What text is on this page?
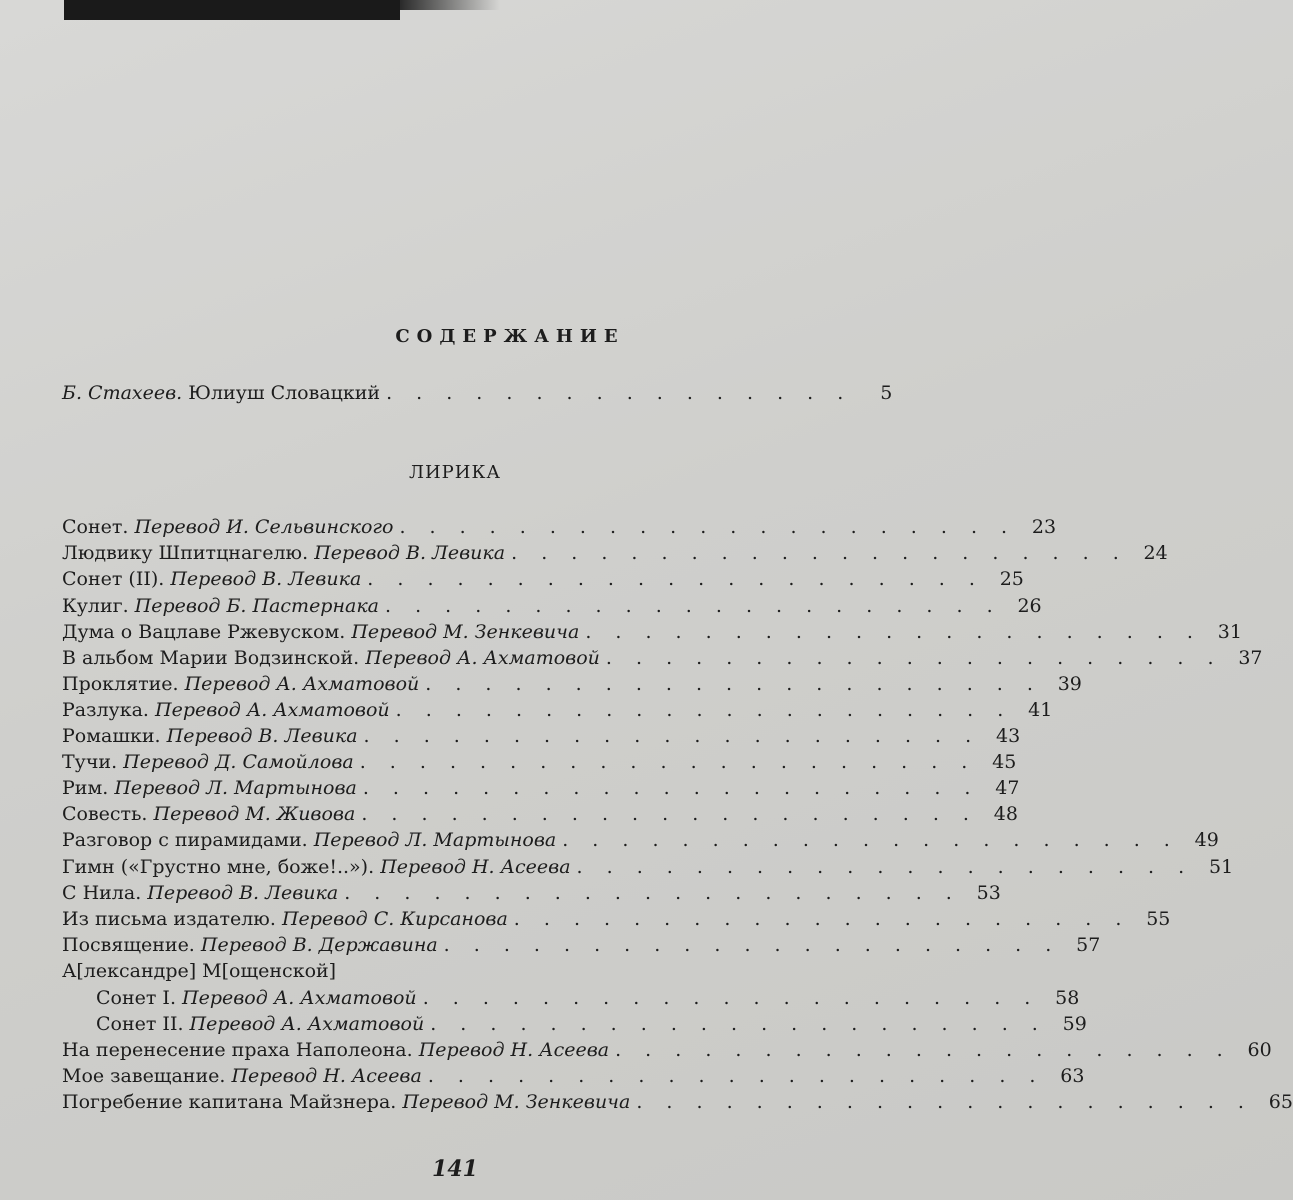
СОДЕРЖАНИЕ
Б. Стахеев. Юлиуш Словацкий . . . . . . . . . . . . . . . .	5
ЛИРИКА
Сонет. Перевод И. Сельвинского . . . . . . . . . . . . . . . . . . . . . 23
Людвику Шпитцнагелю. Перевод В. Левика . . . . . . . . . . . . . . . . . . . . . 24
Сонет (II). Перевод В. Левика . . . . . . . . . . . . . . . . . . . . . 25
Кулиг. Перевод Б. Пастернака . . . . . . . . . . . . . . . . . . . . . 26
Дума о Вацлаве Ржевуском. Перевод М. Зенкевича . . . . . . . . . . . . . . . . . . . . . 31
В альбом Марии Водзинской. Перевод А. Ахматовой . . . . . . . . . . . . . . . . . . . . . 37
Проклятие. Перевод А. Ахматовой . . . . . . . . . . . . . . . . . . . . . 39
Разлука. Перевод А. Ахматовой . . . . . . . . . . . . . . . . . . . . . 41
Ромашки. Перевод В. Левика . . . . . . . . . . . . . . . . . . . . . 43
Тучи. Перевод Д. Самойлова . . . . . . . . . . . . . . . . . . . . . 45
Рим. Перевод Л. Мартынова . . . . . . . . . . . . . . . . . . . . . 47
Совесть. Перевод М. Живова . . . . . . . . . . . . . . . . . . . . . 48
Разговор с пирамидами. Перевод Л. Мартынова . . . . . . . . . . . . . . . . . . . . . 49
Гимн («Грустно мне, боже!..»). Перевод Н. Асеева . . . . . . . . . . . . . . . . . . . . . 51
С Нила. Перевод В. Левика . . . . . . . . . . . . . . . . . . . . . 53
Из письма издателю. Перевод С. Кирсанова . . . . . . . . . . . . . . . . . . . . . 55
Посвящение. Перевод В. Державина . . . . . . . . . . . . . . . . . . . . . 57
А[лександре] М[ощенской]
Сонет I. Перевод А. Ахматовой . . . . . . . . . . . . . . . . . . . . . 58
Сонет II. Перевод А. Ахматовой . . . . . . . . . . . . . . . . . . . . . 59
На перенесение праха Наполеона. Перевод Н. Асеева . . . . . . . . . . . . . . . . . . . . . 60
Мое завещание. Перевод Н. Асеева . . . . . . . . . . . . . . . . . . . . . 63
Погребение капитана Майзнера. Перевод М. Зенкевича . . . . . . . . . . . . . . . . . . . . . 65
141
